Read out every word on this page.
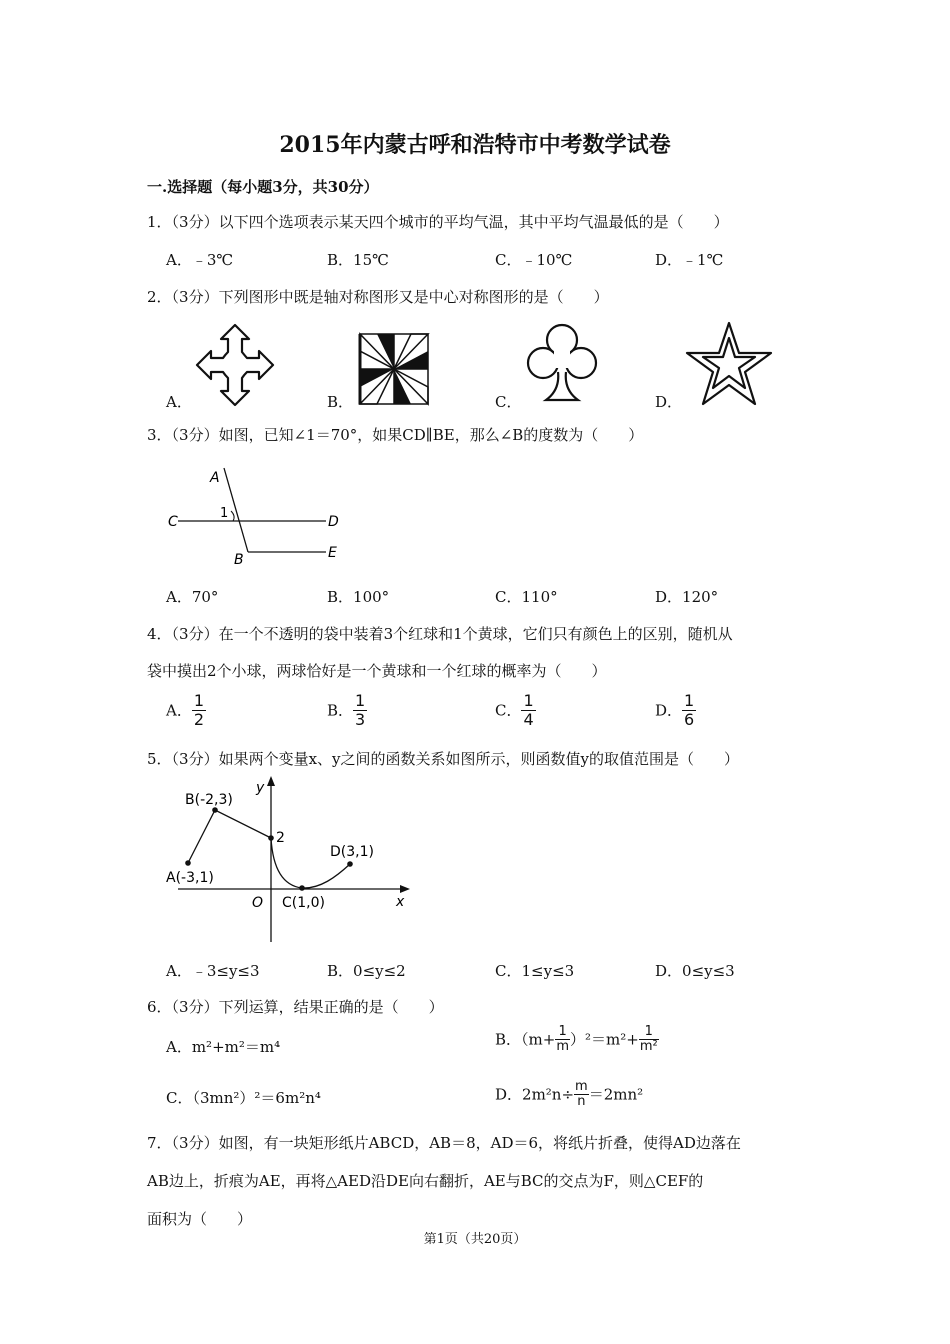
2015年内蒙古呼和浩特市中考数学试卷
一.选择题（每小题3分，共30分）
1．（3分）以下四个选项表示某天四个城市的平均气温，其中平均气温最低的是（　　）
A．﹣3℃	B．15℃	C．﹣10℃	D．﹣1℃
2．（3分）下列图形中既是轴对称图形又是中心对称图形的是（　　）
A．	B．	C．	D．
3．（3分）如图，已知∠1＝70°，如果CD∥BE，那么∠B的度数为（　　）
A
C	D
E
B
1
A．70°	B．100°	C．110°	D．120°
4．（3分）在一个不透明的袋中装着3个红球和1个黄球，它们只有颜色上的区别，随机从
袋中摸出2个小球，两球恰好是一个黄球和一个红球的概率为（　　）
A． $\frac{1}{2}$	B． $\frac{1}{3}$	C． $\frac{1}{4}$	D． $\frac{1}{6}$
5．（3分）如果两个变量x、y之间的函数关系如图所示，则函数值y的取值范围是（　　）
y
x
O
2
A(-3,1)
B(-2,3)
C(1,0)
D(3,1)
A．﹣3≤y≤3	B．0≤y≤2	C．1≤y≤3	D．0≤y≤3
6．（3分）下列运算，结果正确的是（　　）
A．m²+m²＝m⁴	B．$(m+ \frac{1}{m} )^2=m^2+ \frac{1}{\text{m²}}$
C．（3mn²）²＝6m²n⁴	D．$2m^2n\div \frac{m}{n} =2mn^2$
7．（3分）如图，有一块矩形纸片ABCD，AB＝8，AD＝6，将纸片折叠，使得AD边落在
AB边上，折痕为AE，再将△AED沿DE向右翻折，AE与BC的交点为F，则△CEF的
面积为（　　）
第1页（共20页）
